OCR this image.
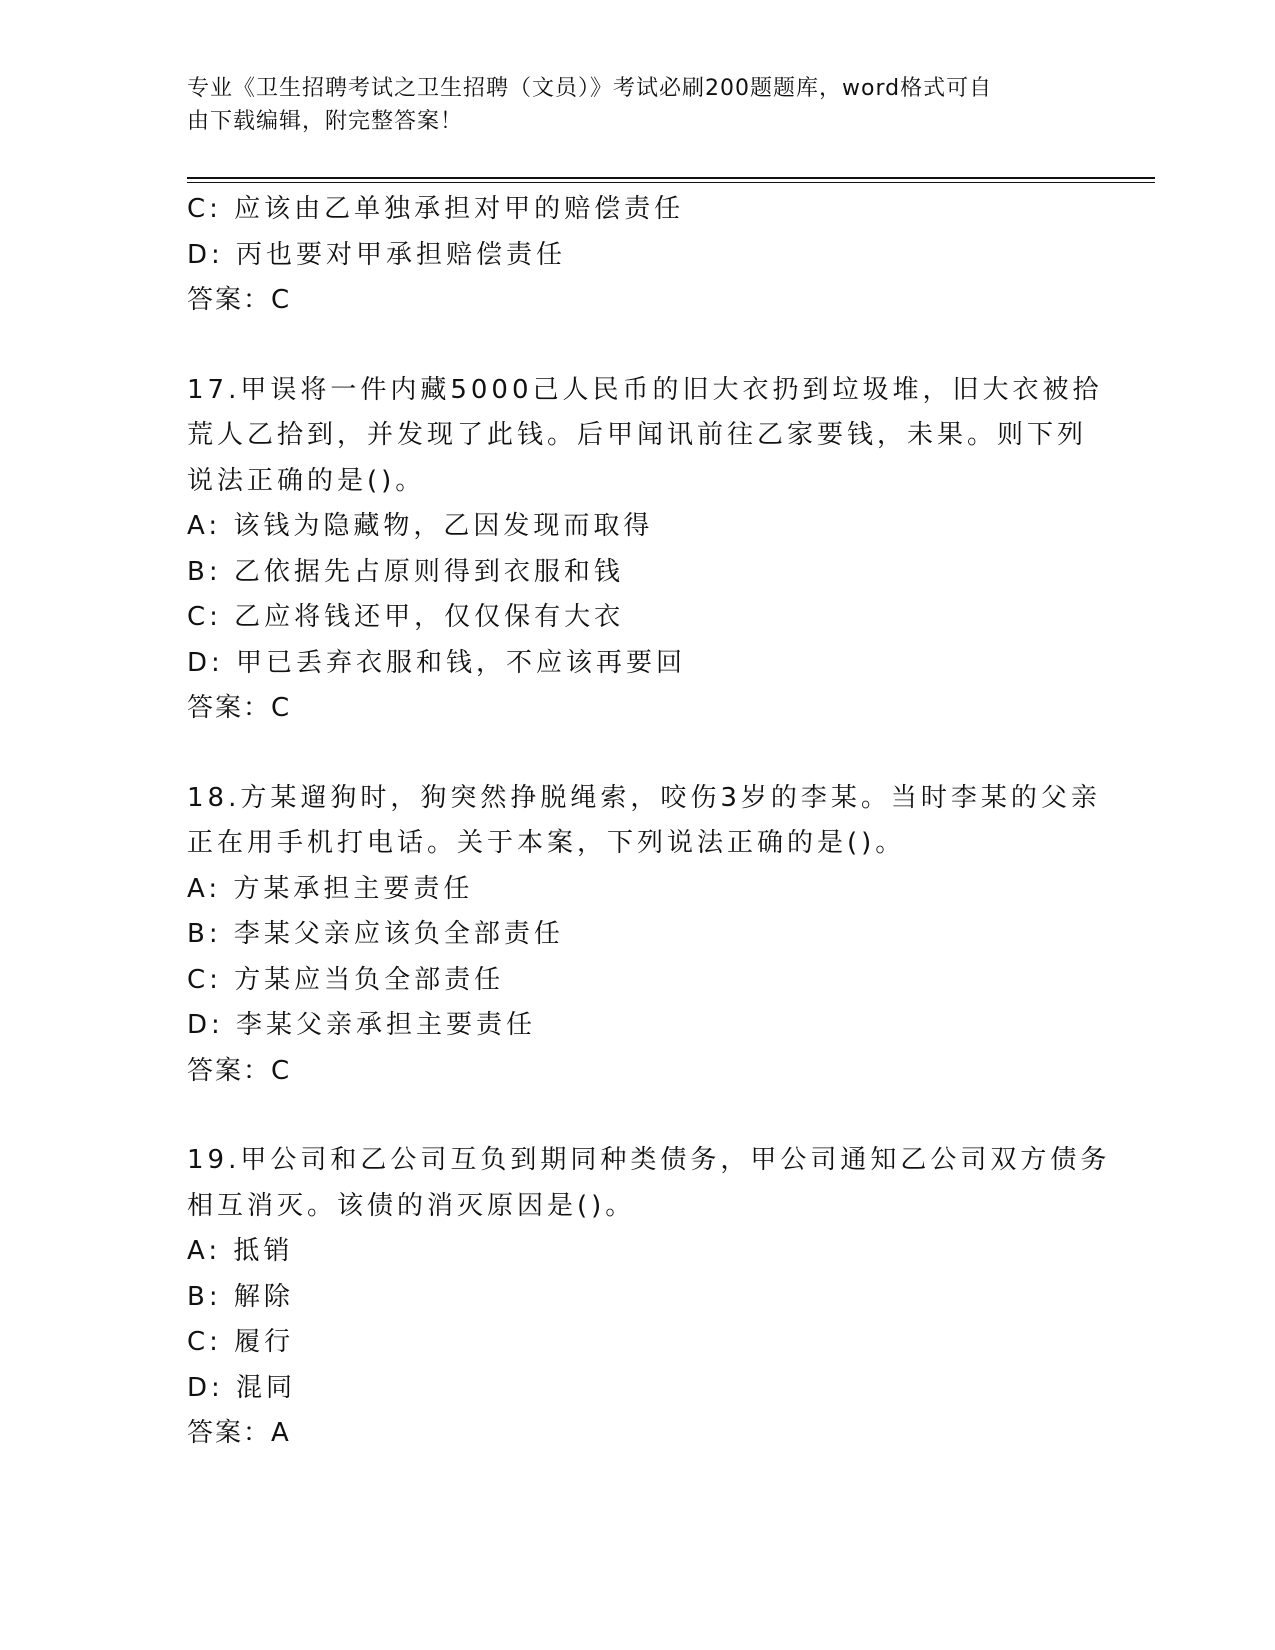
专业《卫生招聘考试之卫生招聘（文员）》考试必刷200题题库，word格式可自
由下载编辑，附完整答案！
C: 应该由乙单独承担对甲的赔偿责任
D: 丙也要对甲承担赔偿责任
答案：C
17.甲误将一件内藏5000己人民币的旧大衣扔到垃圾堆，旧大衣被拾
荒人乙拾到，并发现了此钱。后甲闻讯前往乙家要钱，未果。则下列
说法正确的是()。
A: 该钱为隐藏物，乙因发现而取得
B: 乙依据先占原则得到衣服和钱
C: 乙应将钱还甲，仅仅保有大衣
D: 甲已丢弃衣服和钱，不应该再要回
答案：C
18.方某遛狗时，狗突然挣脱绳索，咬伤3岁的李某。当时李某的父亲
正在用手机打电话。关于本案，下列说法正确的是()。
A: 方某承担主要责任
B: 李某父亲应该负全部责任
C: 方某应当负全部责任
D: 李某父亲承担主要责任
答案：C
19.甲公司和乙公司互负到期同种类债务，甲公司通知乙公司双方债务
相互消灭。该债的消灭原因是()。
A: 抵销
B: 解除
C: 履行
D: 混同
答案：A
